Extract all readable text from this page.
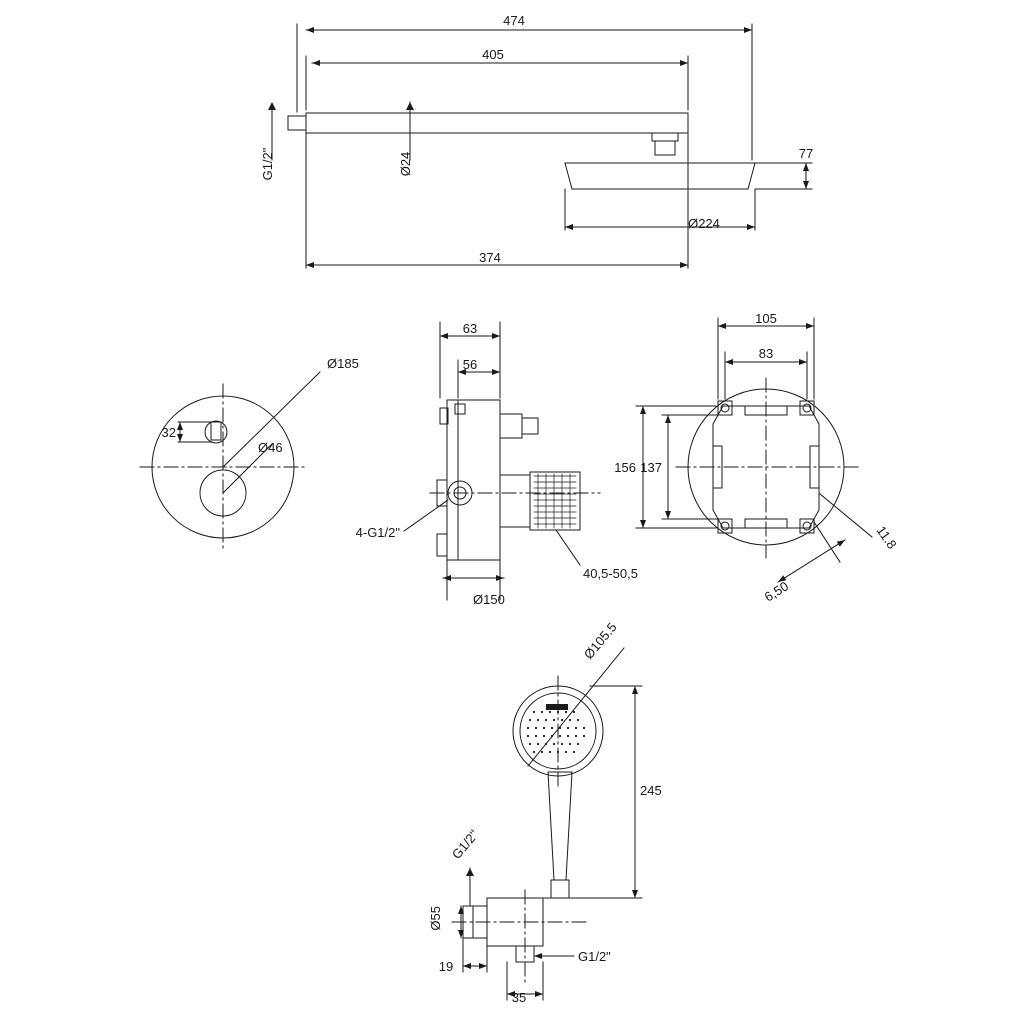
474
405
G1/2"	Ø24	77
Ø224
374
Ø185
32
Ø46
63
56
4-G1/2"
40,5-50,5
Ø150
105
83
156 137
11.8
6,50
Ø105.5
245
G1/2"
Ø55
19
35
G1/2"
